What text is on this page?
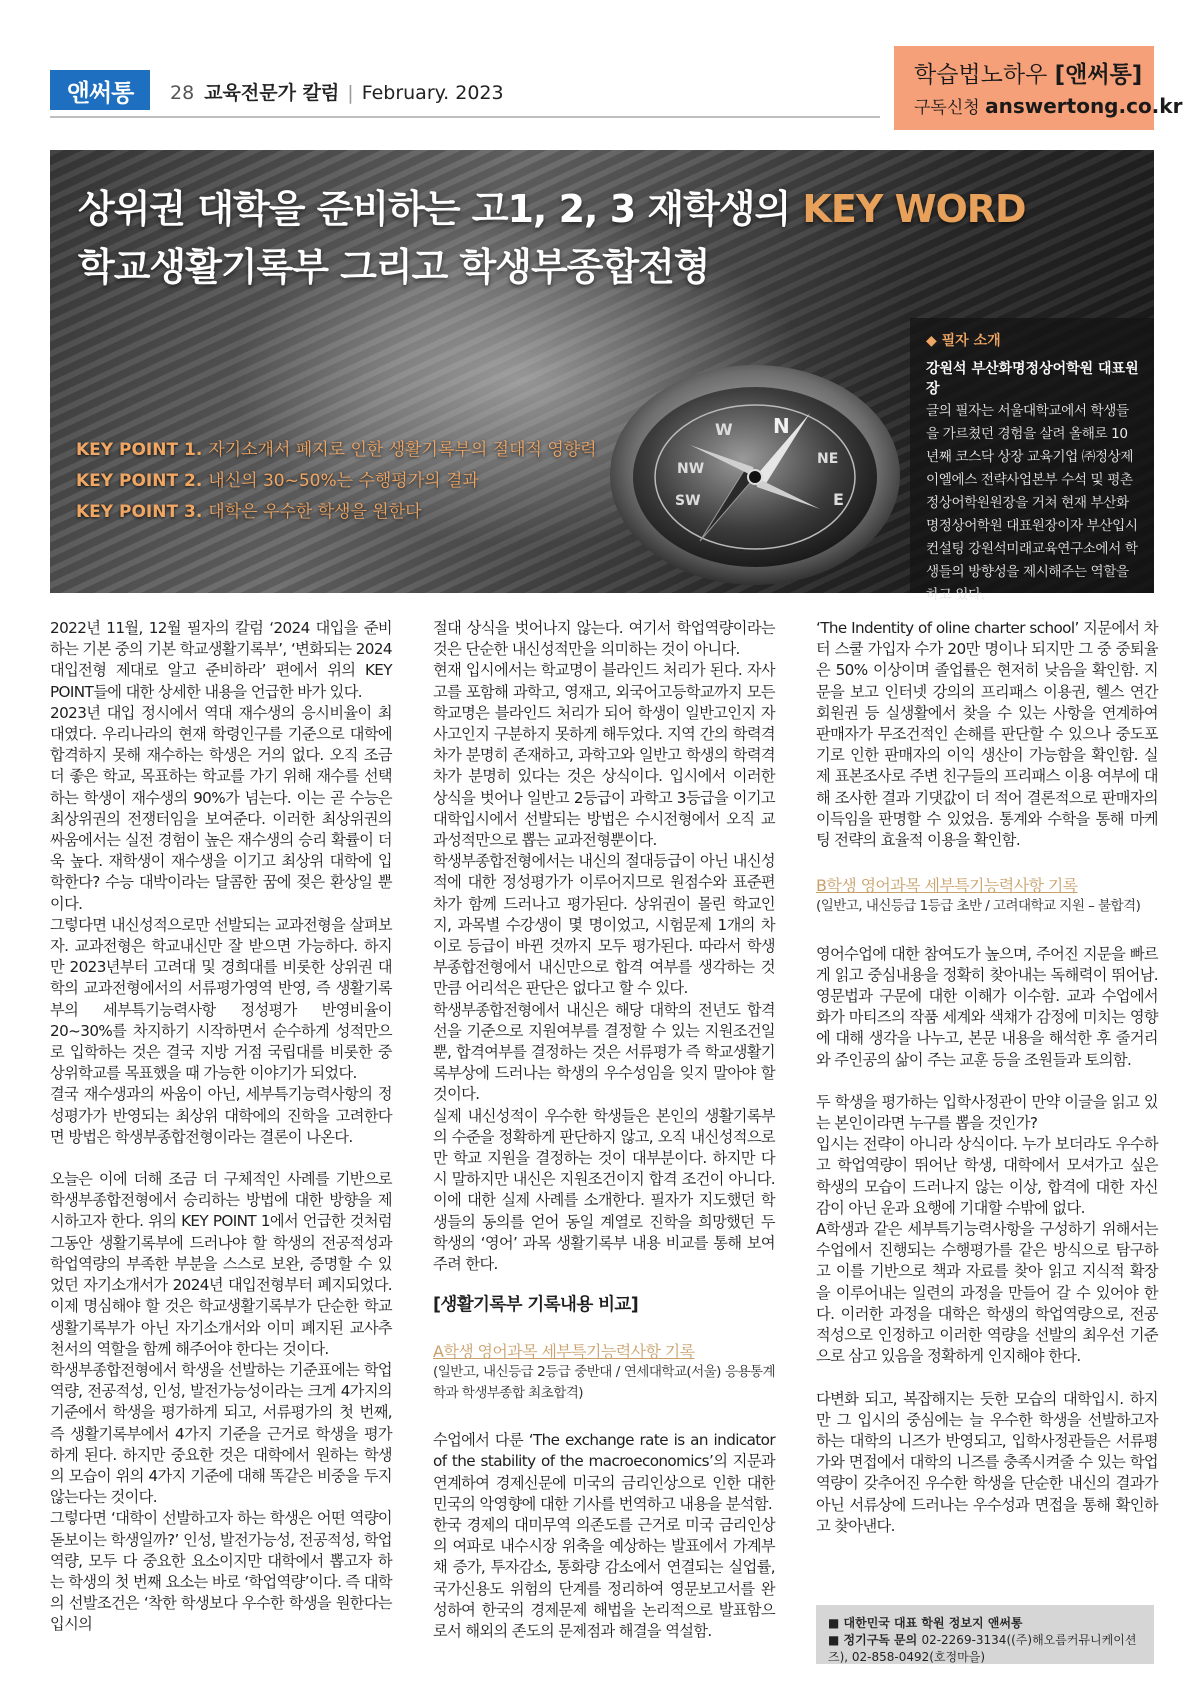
앤써통	28 교육전문가 칼럼 | February. 2023
학습법노하우 [앤써통]
구독신청 answertong.co.kr
상위권 대학을 준비하는 고1, 2, 3 재학생의 KEY WORD
학교생활기록부 그리고 학생부종합전형
N
NE
E
SW
W
NW
KEY POINT 1. 자기소개서 폐지로 인한 생활기록부의 절대적 영향력
KEY POINT 2. 내신의 30~50%는 수행평가의 결과
KEY POINT 3. 대학은 우수한 학생을 원한다
◆ 필자 소개
강원석 부산화명정상어학원 대표원장
글의 필자는 서울대학교에서 학생들을 가르쳤던 경험을 살려 올해로 10년째 코스닥 상장 교육기업 ㈜정상제이엘에스 전략사업본부 수석 및 평촌 정상어학원원장을 거쳐 현재 부산화명정상어학원 대표원장이자 부산입시컨설팅 강원석미래교육연구소에서 학생들의 방향성을 제시해주는 역할을 하고 있다.

2022년 11월, 12월 필자의 칼럼 ‘2024 대입을 준비하는 기본 중의 기본 학교생활기록부’, ‘변화되는 2024 대입전형 제대로 알고 준비하라’ 편에서 위의 KEY POINT들에 대한 상세한 내용을 언급한 바가 있다.

2023년 대입 정시에서 역대 재수생의 응시비율이 최대였다. 우리나라의 현재 학령인구를 기준으로 대학에 합격하지 못해 재수하는 학생은 거의 없다. 오직 조금 더 좋은 학교, 목표하는 학교를 가기 위해 재수를 선택하는 학생이 재수생의 90%가 넘는다. 이는 곧 수능은 최상위권의 전쟁터임을 보여준다. 이러한 최상위권의 싸움에서는 실전 경험이 높은 재수생의 승리 확률이 더욱 높다. 재학생이 재수생을 이기고 최상위 대학에 입학한다? 수능 대박이라는 달콤한 꿈에 젖은 환상일 뿐이다.

그렇다면 내신성적으로만 선발되는 교과전형을 살펴보자. 교과전형은 학교내신만 잘 받으면 가능하다. 하지만 2023년부터 고려대 및 경희대를 비롯한 상위권 대학의 교과전형에서의 서류평가영역 반영, 즉 생활기록부의 세부특기능력사항 정성평가 반영비율이 20~30%를 차지하기 시작하면서 순수하게 성적만으로 입학하는 것은 결국 지방 거점 국립대를 비롯한 중상위학교를 목표했을 때 가능한 이야기가 되었다.

결국 재수생과의 싸움이 아닌, 세부특기능력사항의 정성평가가 반영되는 최상위 대학에의 진학을 고려한다면 방법은 학생부종합전형이라는 결론이 나온다.

오늘은 이에 더해 조금 더 구체적인 사례를 기반으로 학생부종합전형에서 승리하는 방법에 대한 방향을 제시하고자 한다. 위의 KEY POINT 1에서 언급한 것처럼 그동안 생활기록부에 드러나야 할 학생의 전공적성과 학업역량의 부족한 부분을 스스로 보완, 증명할 수 있었던 자기소개서가 2024년 대입전형부터 폐지되었다. 이제 명심해야 할 것은 학교생활기록부가 단순한 학교생활기록부가 아닌 자기소개서와 이미 폐지된 교사추천서의 역할을 함께 해주어야 한다는 것이다.

학생부종합전형에서 학생을 선발하는 기준표에는 학업역량, 전공적성, 인성, 발전가능성이라는 크게 4가지의 기준에서 학생을 평가하게 되고, 서류평가의 첫 번째, 즉 생활기록부에서 4가지 기준을 근거로 학생을 평가하게 된다. 하지만 중요한 것은 대학에서 원하는 학생의 모습이 위의 4가지 기준에 대해 똑같은 비중을 두지 않는다는 것이다.

그렇다면 ‘대학이 선발하고자 하는 학생은 어떤 역량이 돋보이는 학생일까?’ 인성, 발전가능성, 전공적성, 학업역량, 모두 다 중요한 요소이지만 대학에서 뽑고자 하는 학생의 첫 번째 요소는 바로 ‘학업역량’이다. 즉 대학의 선발조건은 ‘착한 학생보다 우수한 학생을 원한다는 입시의

절대 상식을 벗어나지 않는다. 여기서 학업역량이라는 것은 단순한 내신성적만을 의미하는 것이 아니다.

현재 입시에서는 학교명이 블라인드 처리가 된다. 자사고를 포함해 과학고, 영재고, 외국어고등학교까지 모든 학교명은 블라인드 처리가 되어 학생이 일반고인지 자사고인지 구분하지 못하게 해두었다. 지역 간의 학력격차가 분명히 존재하고, 과학고와 일반고 학생의 학력격차가 분명히 있다는 것은 상식이다. 입시에서 이러한 상식을 벗어나 일반고 2등급이 과학고 3등급을 이기고 대학입시에서 선발되는 방법은 수시전형에서 오직 교과성적만으로 뽑는 교과전형뿐이다.

학생부종합전형에서는 내신의 절대등급이 아닌 내신성적에 대한 정성평가가 이루어지므로 원점수와 표준편차가 함께 드러나고 평가된다. 상위권이 몰린 학교인지, 과목별 수강생이 몇 명이었고, 시험문제 1개의 차이로 등급이 바뀐 것까지 모두 평가된다. 따라서 학생부종합전형에서 내신만으로 합격 여부를 생각하는 것만큼 어리석은 판단은 없다고 할 수 있다.

학생부종합전형에서 내신은 해당 대학의 전년도 합격선을 기준으로 지원여부를 결정할 수 있는 지원조건일 뿐, 합격여부를 결정하는 것은 서류평가 즉 학교생활기록부상에 드러나는 학생의 우수성임을 잊지 말아야 할 것이다.

실제 내신성적이 우수한 학생들은 본인의 생활기록부의 수준을 정확하게 판단하지 않고, 오직 내신성적으로만 학교 지원을 결정하는 것이 대부분이다. 하지만 다시 말하지만 내신은 지원조건이지 합격 조건이 아니다. 이에 대한 실제 사례를 소개한다. 필자가 지도했던 학생들의 동의를 얻어 동일 계열로 진학을 희망했던 두 학생의 ‘영어’ 과목 생활기록부 내용 비교를 통해 보여주려 한다.

[생활기록부 기록내용 비교]
A학생 영어과목 세부특기능력사항 기록
(일반고, 내신등급 2등급 중반대 / 연세대학교(서울) 응용통계학과 학생부종합 최초합격)

수업에서 다룬 ‘The exchange rate is an indicator of the stability of the macroeconomics’의 지문과 연계하여 경제신문에 미국의 금리인상으로 인한 대한민국의 악영향에 대한 기사를 번역하고 내용을 분석함.

한국 경제의 대미무역 의존도를 근거로 미국 금리인상의 여파로 내수시장 위축을 예상하는 발표에서 가계부채 증가, 투자감소, 통화량 감소에서 연결되는 실업률, 국가신용도 위험의 단계를 정리하여 영문보고서를 완성하여 한국의 경제문제 해법을 논리적으로 발표함으로서 해외의 존도의 문제점과 해결을 역설함.

‘The Indentity of oline charter school’ 지문에서 차터 스쿨 가입자 수가 20만 명이나 되지만 그 중 중퇴율은 50% 이상이며 졸업률은 현저히 낮음을 확인함. 지문을 보고 인터넷 강의의 프리패스 이용권, 헬스 연간 회원권 등 실생활에서 찾을 수 있는 사항을 연계하여 판매자가 무조건적인 손해를 판단할 수 있으나 중도포기로 인한 판매자의 이익 생산이 가능함을 확인함. 실제 표본조사로 주변 친구들의 프리패스 이용 여부에 대해 조사한 결과 기댓값이 더 적어 결론적으로 판매자의 이득임을 판명할 수 있었음. 통계와 수학을 통해 마케팅 전략의 효율적 이용을 확인함.

B학생 영어과목 세부특기능력사항 기록
(일반고, 내신등급 1등급 초반 / 고려대학교 지원 – 불합격)

영어수업에 대한 참여도가 높으며, 주어진 지문을 빠르게 읽고 중심내용을 정확히 찾아내는 독해력이 뛰어남. 영문법과 구문에 대한 이해가 이수함. 교과 수업에서 화가 마티즈의 작품 세계와 색채가 감정에 미치는 영향에 대해 생각을 나누고, 본문 내용을 해석한 후 줄거리와 주인공의 삶이 주는 교훈 등을 조원들과 토의함.

두 학생을 평가하는 입학사정관이 만약 이글을 읽고 있는 본인이라면 누구를 뽑을 것인가?

입시는 전략이 아니라 상식이다. 누가 보더라도 우수하고 학업역량이 뛰어난 학생, 대학에서 모셔가고 싶은 학생의 모습이 드러나지 않는 이상, 합격에 대한 자신감이 아닌 운과 요행에 기대할 수밖에 없다.

A학생과 같은 세부특기능력사항을 구성하기 위해서는 수업에서 진행되는 수행평가를 같은 방식으로 탐구하고 이를 기반으로 책과 자료를 찾아 읽고 지식적 확장을 이루어내는 일련의 과정을 만들어 갈 수 있어야 한다. 이러한 과정을 대학은 학생의 학업역량으로, 전공적성으로 인정하고 이러한 역량을 선발의 최우선 기준으로 삼고 있음을 정확하게 인지해야 한다.

다변화 되고, 복잡해지는 듯한 모습의 대학입시. 하지만 그 입시의 중심에는 늘 우수한 학생을 선발하고자 하는 대학의 니즈가 반영되고, 입학사정관들은 서류평가와 면접에서 대학의 니즈를 충족시켜줄 수 있는 학업역량이 갖추어진 우수한 학생을 단순한 내신의 결과가 아닌 서류상에 드러나는 우수성과 면접을 통해 확인하고 찾아낸다.

■ 대한민국 대표 학원 정보지 앤써통
■ 정기구독 문의 02-2269-3134((주)해오름커뮤니케이션즈), 02-858-0492(호정마을)
